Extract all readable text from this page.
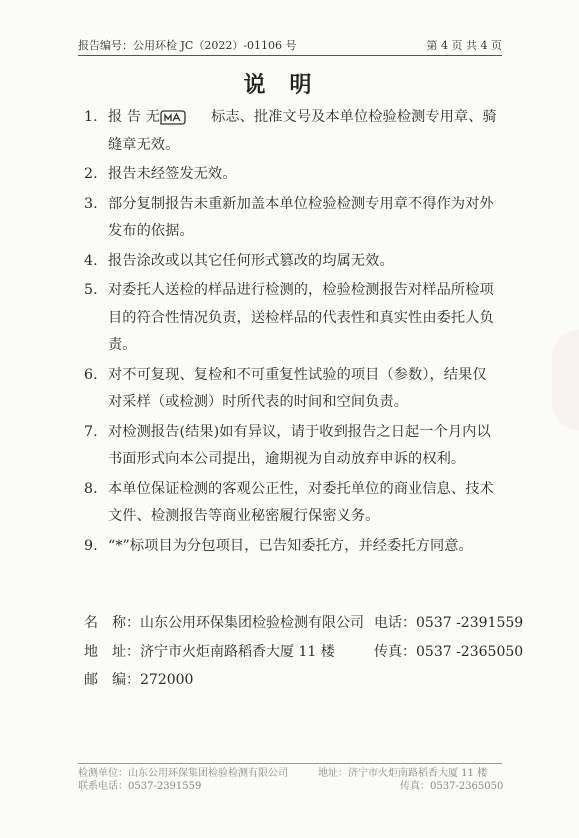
报告编号：公用环检 JC（2022）-01106 号	第 4 页 共 4 页
说明
1. 报 告 无	标志、批准文号及本单位检验检测专用章、骑缝章无效。
2. 报告未经签发无效。
3. 部分复制报告未重新加盖本单位检验检测专用章不得作为对外发布的依据。
4. 报告涂改或以其它任何形式篡改的均属无效。
5. 对委托人送检的样品进行检测的，检验检测报告对样品所检项目的符合性情况负责，送检样品的代表性和真实性由委托人负责。
6. 对不可复现、复检和不可重复性试验的项目（参数），结果仅对采样（或检测）时所代表的时间和空间负责。
7. 对检测报告(结果)如有异议，请于收到报告之日起一个月内以书面形式向本公司提出，逾期视为自动放弃申诉的权利。
8. 本单位保证检测的客观公正性，对委托单位的商业信息、技术文件、检测报告等商业秘密履行保密义务。
9. “*”标项目为分包项目，已告知委托方，并经委托方同意。
名　称：山东公用环保集团检验检测有限公司 电话：0537 -2391559
地　址：济宁市火炬南路稻香大厦 11 楼	传真：0537 -2365050
邮　编：272000
检测单位：山东公用环保集团检验检测有限公司
联系电话：0537-2391559
地址：济宁市火炬南路稻香大厦 11 楼
传真：0537-2365050
